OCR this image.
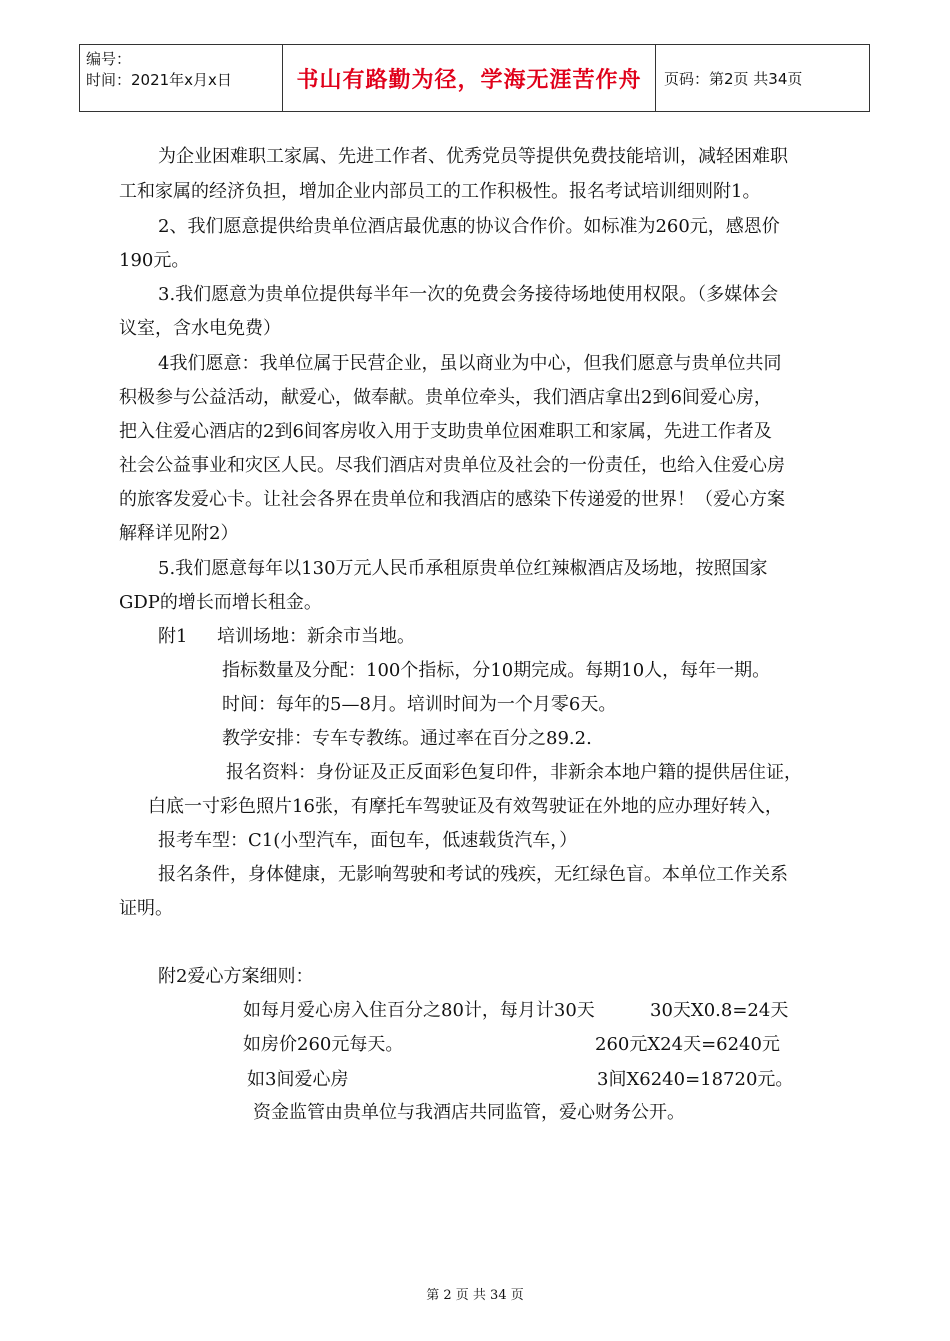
编号：
时间：2021年x月x日	书山有路勤为径，学海无涯苦作舟	页码：第2页 共34页
为企业困难职工家属、先进工作者、优秀党员等提供免费技能培训，减轻困难职
工和家属的经济负担，增加企业内部员工的工作积极性。报名考试培训细则附1。
2、我们愿意提供给贵单位酒店最优惠的协议合作价。如标准为260元，感恩价
190元。
3.我们愿意为贵单位提供每半年一次的免费会务接待场地使用权限。（多媒体会
议室，含水电免费）
4我们愿意：我单位属于民营企业，虽以商业为中心，但我们愿意与贵单位共同
积极参与公益活动，献爱心，做奉献。贵单位牵头，我们酒店拿出2到6间爱心房，
把入住爱心酒店的2到6间客房收入用于支助贵单位困难职工和家属，先进工作者及
社会公益事业和灾区人民。尽我们酒店对贵单位及社会的一份责任，也给入住爱心房
的旅客发爱心卡。让社会各界在贵单位和我酒店的感染下传递爱的世界！（爱心方案
解释详见附2）
5.我们愿意每年以130万元人民币承租原贵单位红辣椒酒店及场地，按照国家
GDP的增长而增长租金。
附1 培训场地：新余市当地。
指标数量及分配：100个指标，分10期完成。每期10人，每年一期。
时间：每年的5—8月。培训时间为一个月零6天。
教学安排：专车专教练。通过率在百分之89.2.
报名资料：身份证及正反面彩色复印件，非新余本地户籍的提供居住证，
白底一寸彩色照片16张，有摩托车驾驶证及有效驾驶证在外地的应办理好转入，
报考车型：C1(小型汽车，面包车，低速载货汽车，）
报名条件，身体健康，无影响驾驶和考试的残疾，无红绿色盲。本单位工作关系
证明。
附2爱心方案细则：
如每月爱心房入住百分之80计，每月计30天	30天X0.8=24天
如房价260元每天。	260元X24天=6240元
如3间爱心房	3间X6240=18720元。
资金监管由贵单位与我酒店共同监管，爱心财务公开。
第 2 页 共 34 页
